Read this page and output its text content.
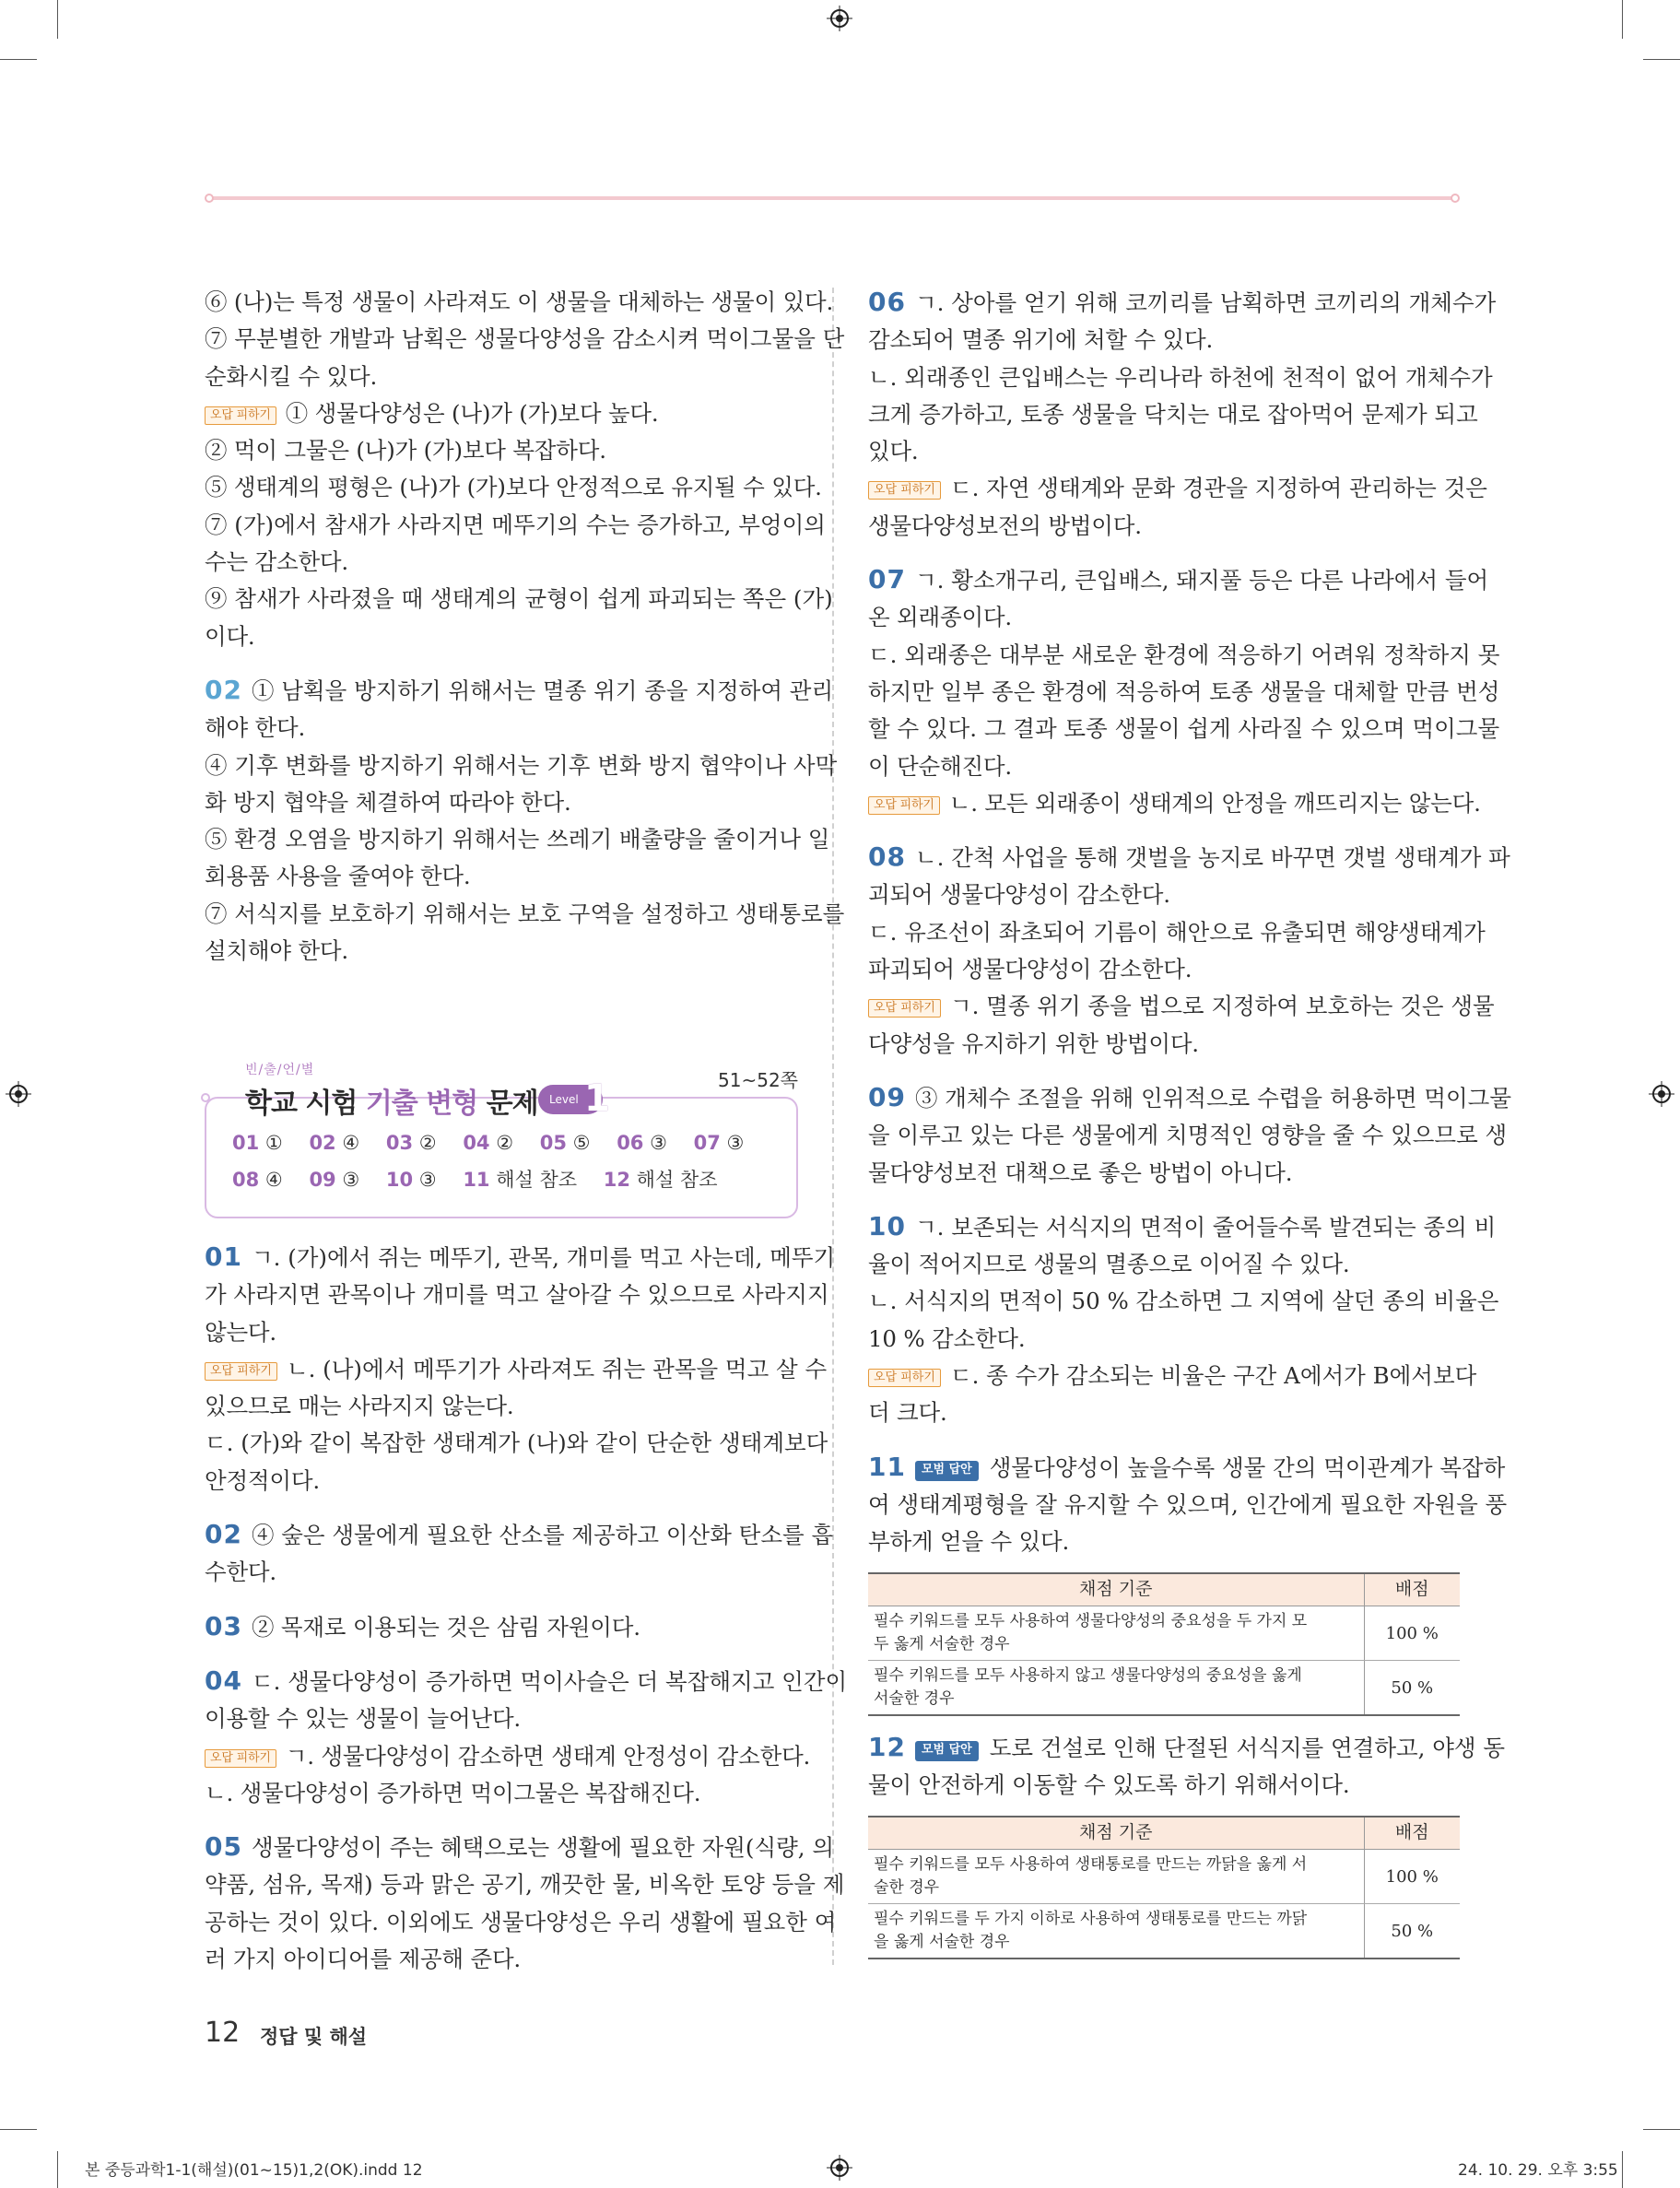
⑥ (나)는 특정 생물이 사라져도 이 생물을 대체하는 생물이 있다.
⑦ 무분별한 개발과 남획은 생물다양성을 감소시켜 먹이그물을 단
순화시킬 수 있다.
오답 피하기 ① 생물다양성은 (나)가 (가)보다 높다.
② 먹이 그물은 (나)가 (가)보다 복잡하다.
⑤ 생태계의 평형은 (나)가 (가)보다 안정적으로 유지될 수 있다.
⑦ (가)에서 참새가 사라지면 메뚜기의 수는 증가하고, 부엉이의
수는 감소한다.
⑨ 참새가 사라졌을 때 생태계의 균형이 쉽게 파괴되는 쪽은 (가)
이다.
02 ① 남획을 방지하기 위해서는 멸종 위기 종을 지정하여 관리
해야 한다.
④ 기후 변화를 방지하기 위해서는 기후 변화 방지 협약이나 사막
화 방지 협약을 체결하여 따라야 한다.
⑤ 환경 오염을 방지하기 위해서는 쓰레기 배출량을 줄이거나 일
회용품 사용을 줄여야 한다.
⑦ 서식지를 보호하기 위해서는 보호 구역을 설정하고 생태통로를
설치해야 한다.
빈/출/언/별
학교 시험 기출 변형 문제 Level 1	51~52쪽
01 ① 02 ④ 03 ② 04 ② 05 ⑤ 06 ③ 07 ③
08 ④ 09 ③ 10 ③ 11 해설 참조 12 해설 참조
01 ㄱ. (가)에서 쥐는 메뚜기, 관목, 개미를 먹고 사는데, 메뚜기
가 사라지면 관목이나 개미를 먹고 살아갈 수 있으므로 사라지지
않는다.
오답 피하기 ㄴ. (나)에서 메뚜기가 사라져도 쥐는 관목을 먹고 살 수
있으므로 매는 사라지지 않는다.
ㄷ. (가)와 같이 복잡한 생태계가 (나)와 같이 단순한 생태계보다
안정적이다.
02 ④ 숲은 생물에게 필요한 산소를 제공하고 이산화 탄소를 흡
수한다.
03 ② 목재로 이용되는 것은 삼림 자원이다.
04 ㄷ. 생물다양성이 증가하면 먹이사슬은 더 복잡해지고 인간이
이용할 수 있는 생물이 늘어난다.
오답 피하기 ㄱ. 생물다양성이 감소하면 생태계 안정성이 감소한다.
ㄴ. 생물다양성이 증가하면 먹이그물은 복잡해진다.
05 생물다양성이 주는 혜택으로는 생활에 필요한 자원(식량, 의
약품, 섬유, 목재) 등과 맑은 공기, 깨끗한 물, 비옥한 토양 등을 제
공하는 것이 있다. 이외에도 생물다양성은 우리 생활에 필요한 여
러 가지 아이디어를 제공해 준다.
06 ㄱ. 상아를 얻기 위해 코끼리를 남획하면 코끼리의 개체수가
감소되어 멸종 위기에 처할 수 있다.
ㄴ. 외래종인 큰입배스는 우리나라 하천에 천적이 없어 개체수가
크게 증가하고, 토종 생물을 닥치는 대로 잡아먹어 문제가 되고
있다.
오답 피하기 ㄷ. 자연 생태계와 문화 경관을 지정하여 관리하는 것은
생물다양성보전의 방법이다.
07 ㄱ. 황소개구리, 큰입배스, 돼지풀 등은 다른 나라에서 들어
온 외래종이다.
ㄷ. 외래종은 대부분 새로운 환경에 적응하기 어려워 정착하지 못
하지만 일부 종은 환경에 적응하여 토종 생물을 대체할 만큼 번성
할 수 있다. 그 결과 토종 생물이 쉽게 사라질 수 있으며 먹이그물
이 단순해진다.
오답 피하기 ㄴ. 모든 외래종이 생태계의 안정을 깨뜨리지는 않는다.
08 ㄴ. 간척 사업을 통해 갯벌을 농지로 바꾸면 갯벌 생태계가 파
괴되어 생물다양성이 감소한다.
ㄷ. 유조선이 좌초되어 기름이 해안으로 유출되면 해양생태계가
파괴되어 생물다양성이 감소한다.
오답 피하기 ㄱ. 멸종 위기 종을 법으로 지정하여 보호하는 것은 생물
다양성을 유지하기 위한 방법이다.
09 ③ 개체수 조절을 위해 인위적으로 수렵을 허용하면 먹이그물
을 이루고 있는 다른 생물에게 치명적인 영향을 줄 수 있으므로 생
물다양성보전 대책으로 좋은 방법이 아니다.
10 ㄱ. 보존되는 서식지의 면적이 줄어들수록 발견되는 종의 비
율이 적어지므로 생물의 멸종으로 이어질 수 있다.
ㄴ. 서식지의 면적이 50 % 감소하면 그 지역에 살던 종의 비율은
10 % 감소한다.
오답 피하기 ㄷ. 종 수가 감소되는 비율은 구간 A에서가 B에서보다
더 크다.
11 모범 답안 생물다양성이 높을수록 생물 간의 먹이관계가 복잡하
여 생태계평형을 잘 유지할 수 있으며, 인간에게 필요한 자원을 풍
부하게 얻을 수 있다.
채점 기준	배점

필수 키워드를 모두 사용하여 생물다양성의 중요성을 두 가지 모
두 옳게 서술한 경우	100 %

필수 키워드를 모두 사용하지 않고 생물다양성의 중요성을 옳게
서술한 경우	50 %
12 모범 답안 도로 건설로 인해 단절된 서식지를 연결하고, 야생 동
물이 안전하게 이동할 수 있도록 하기 위해서이다.
채점 기준	배점

필수 키워드를 모두 사용하여 생태통로를 만드는 까닭을 옳게 서
술한 경우	100 %

필수 키워드를 두 가지 이하로 사용하여 생태통로를 만드는 까닭
을 옳게 서술한 경우	50 %
12 정답 및 해설
본 중등과학1-1(해설)(01~15)1,2(OK).indd 12	24. 10. 29. 오후 3:55
